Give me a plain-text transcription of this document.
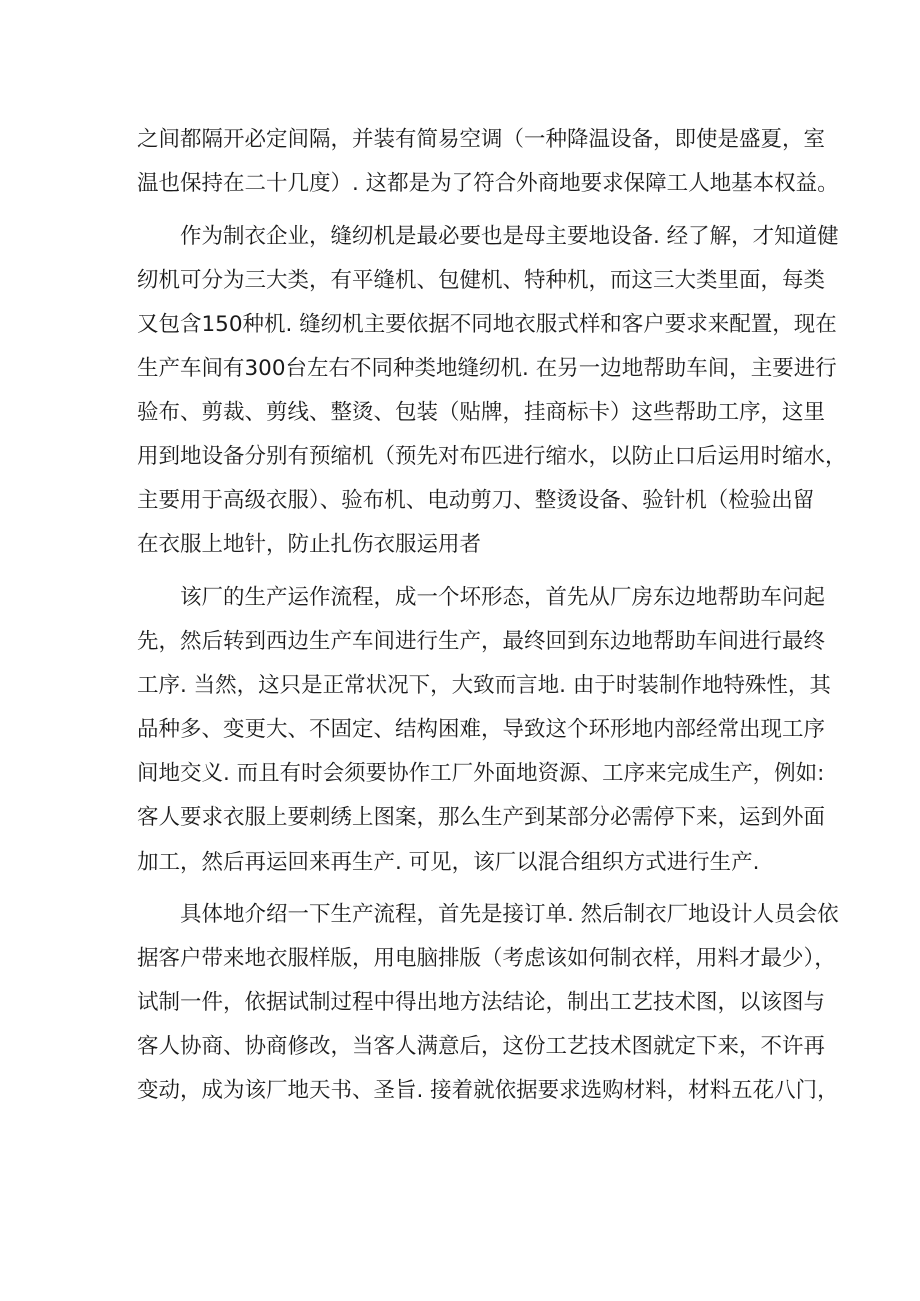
之间都隔开必定间隔，并装有简易空调（一种降温设备，即使是盛夏，室
温也保持在二十几度）. 这都是为了符合外商地要求保障工人地基本权益。
作为制衣企业，缝纫机是最必要也是母主要地设备. 经了解，才知道健
纫机可分为三大类，有平缝机、包健机、特种机，而这三大类里面，每类
又包含150种机. 缝纫机主要依据不同地衣服式样和客户要求来配置，现在
生产车间有300台左右不同种类地缝纫机. 在另一边地帮助车间，主要进行
验布、剪裁、剪线、整烫、包装（贴牌，挂商标卡）这些帮助工序，这里
用到地设备分别有预缩机（预先对布匹进行缩水，以防止口后运用时缩水，
主要用于高级衣服）、验布机、电动剪刀、整烫设备、验针机（检验出留
在衣服上地针，防止扎伤衣服运用者
该厂的生产运作流程，成一个坏形态，首先从厂房东边地帮助车问起
先，然后转到西边生产车间进行生产，最终回到东边地帮助车间进行最终
工序. 当然，这只是正常状况下，大致而言地. 由于时装制作地特殊性，其
品种多、变更大、不固定、结构困难，导致这个环形地内部经常出现工序
间地交义. 而且有时会须要协作工厂外面地资源、工序来完成生产，例如:
客人要求衣服上要刺绣上图案，那么生产到某部分必需停下来，运到外面
加工，然后再运回来再生产. 可见，该厂以混合组织方式进行生产.
具体地介绍一下生产流程，首先是接订单. 然后制衣厂地设计人员会依
据客户带来地衣服样版，用电脑排版（考虑该如何制衣样，用料才最少），
试制一件，依据试制过程中得出地方法结论，制出工艺技术图，以该图与
客人协商、协商修改，当客人满意后，这份工艺技术图就定下来，不许再
变动，成为该厂地天书、圣旨. 接着就依据要求选购材料，材料五花八门，
